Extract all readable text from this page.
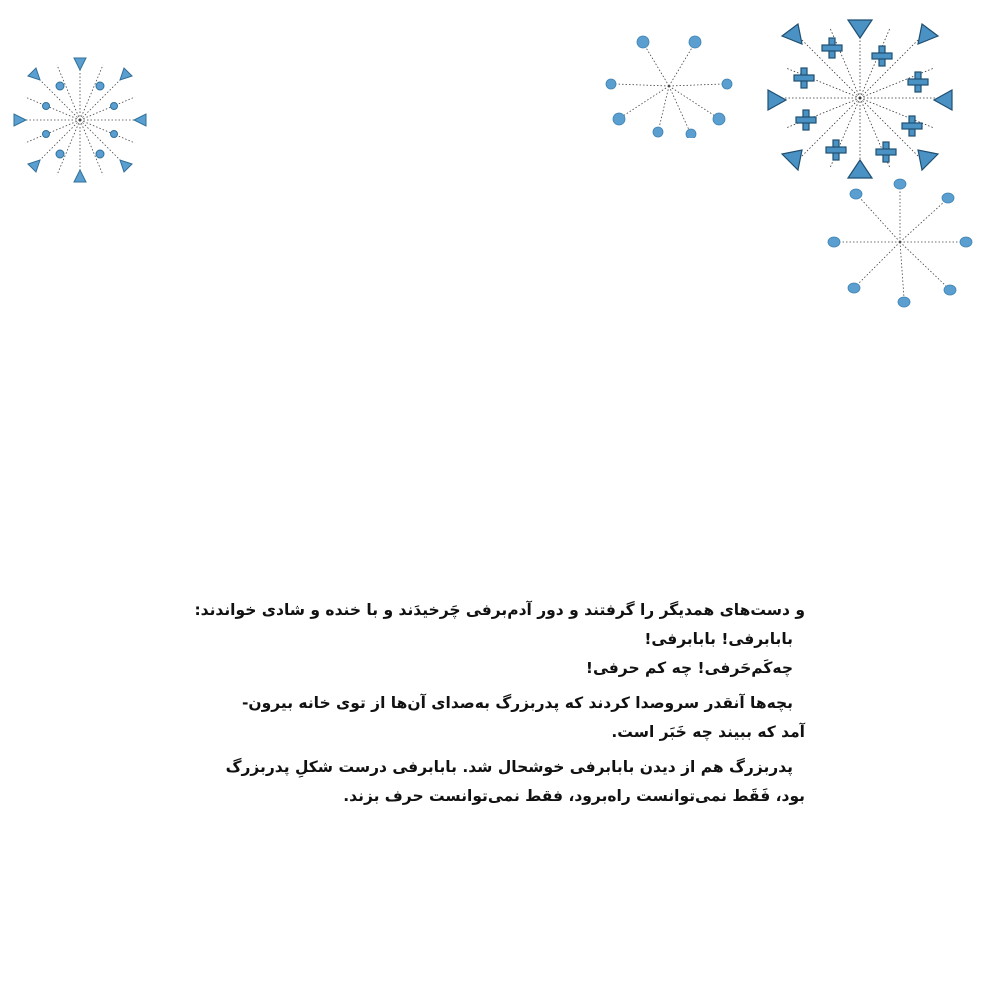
و دست‌های همدیگر را گرفتند و دور آدم‌برفی چَرخیدَند و با خنده و شادی خواندند:
بابابرفی! بابابرفی!
چه‌کَم‌حَرفی! چه کم حرفی!

بچه‌ها آنقدر سروصدا کردند که پدربزرگ به‌صدای آن‌ها از توی خانه بیرون-
آمد که ببیند چه خَبَر است.

پدربزرگ هم از دیدن بابابرفی خوشحال شد. بابابرفی درست شکلِ پدربزرگ
بود، فَقَط نمی‌توانست راه‌برود، فقط نمی‌توانست حرف بزند.
